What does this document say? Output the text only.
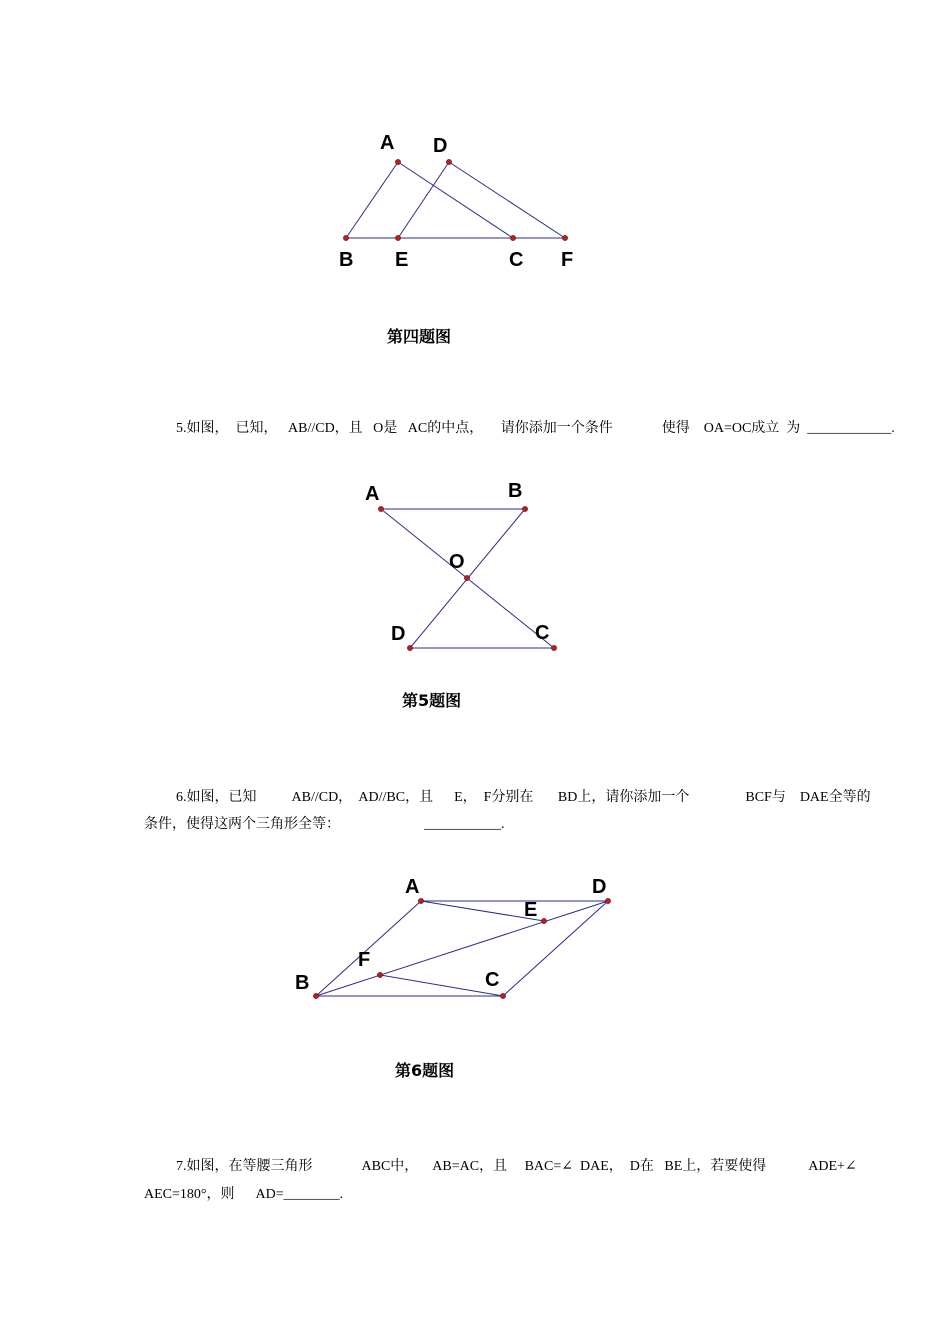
A D
B E	C F
第四题图
5.如图，  已知，   AB//CD，且   O是   AC的中点，     请你添加一个条件              使得    OA=OC成立  为  ____________.
A	B
O
D	C
第5题图
6.如图，已知          AB//CD，  AD//BC，且      E，  F分别在       BD上，请你添加一个                BCF与    DAE全等的
条件，使得这两个三角形全等：                        ___________.
A	D
E
F
B	C
第6题图
7.如图，在等腰三角形              ABC中，    AB=AC，且     BAC=∠  DAE，  D在   BE上，若要使得            ADE+∠
AEC=180°，则      AD=________.
